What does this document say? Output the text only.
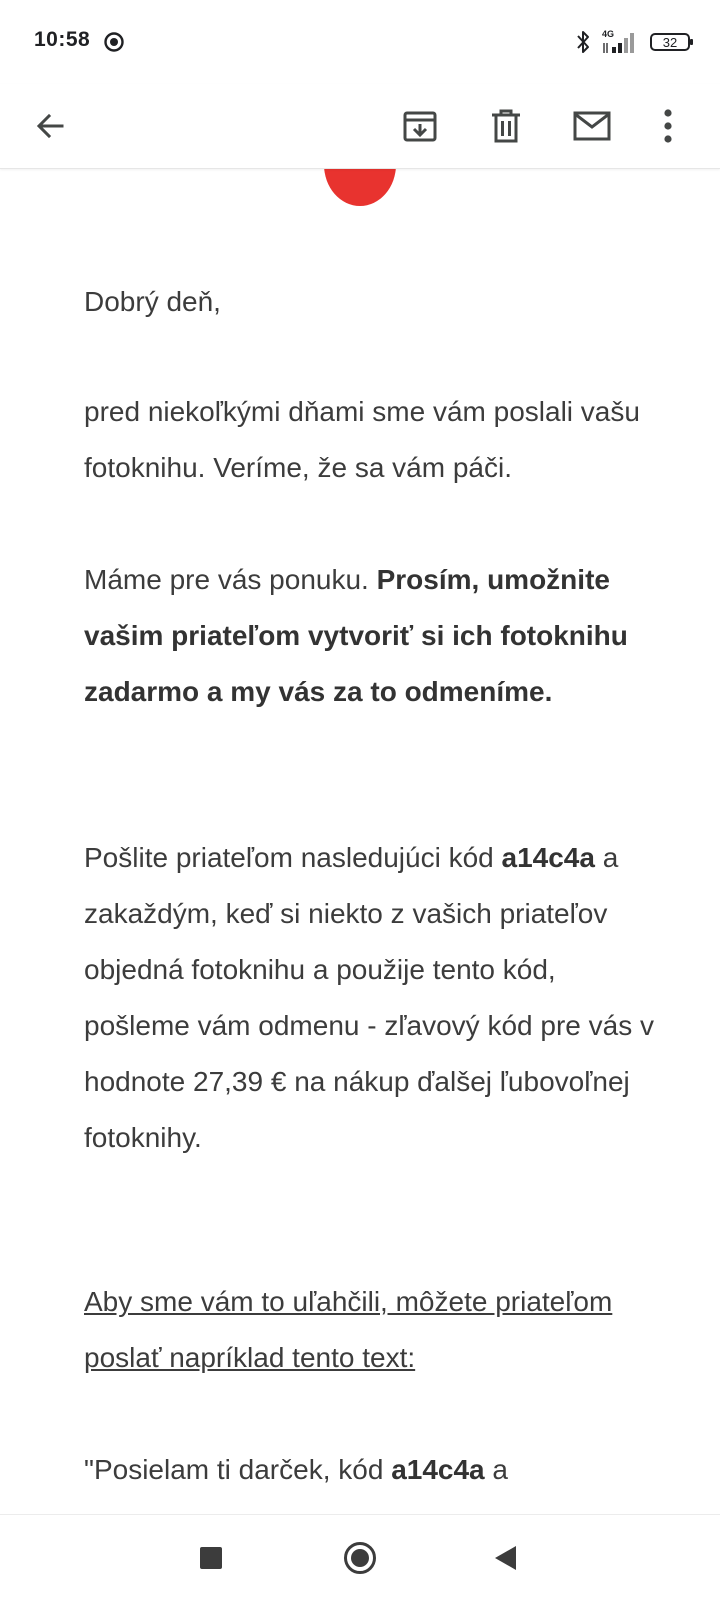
10:58	4G
32
Dobrý deň,
pred niekoľkými dňami sme vám poslali vašu fotoknihu. Veríme, že sa vám páči.
Máme pre vás ponuku. Prosím, umožnite vašim priateľom vytvoriť si ich fotoknihu zadarmo a my vás za to odmeníme.
Pošlite priateľom nasledujúci kód a14c4a a zakaždým, keď si niekto z vašich priateľov objedná fotoknihu a použije tento kód, pošleme vám odmenu - zľavový kód pre vás v hodnote 27,39 € na nákup ďalšej ľubovoľnej fotoknihy.
Aby sme vám to uľahčili, môžete priateľom poslať napríklad tento text:
"Posielam ti darček, kód a14c4a a
